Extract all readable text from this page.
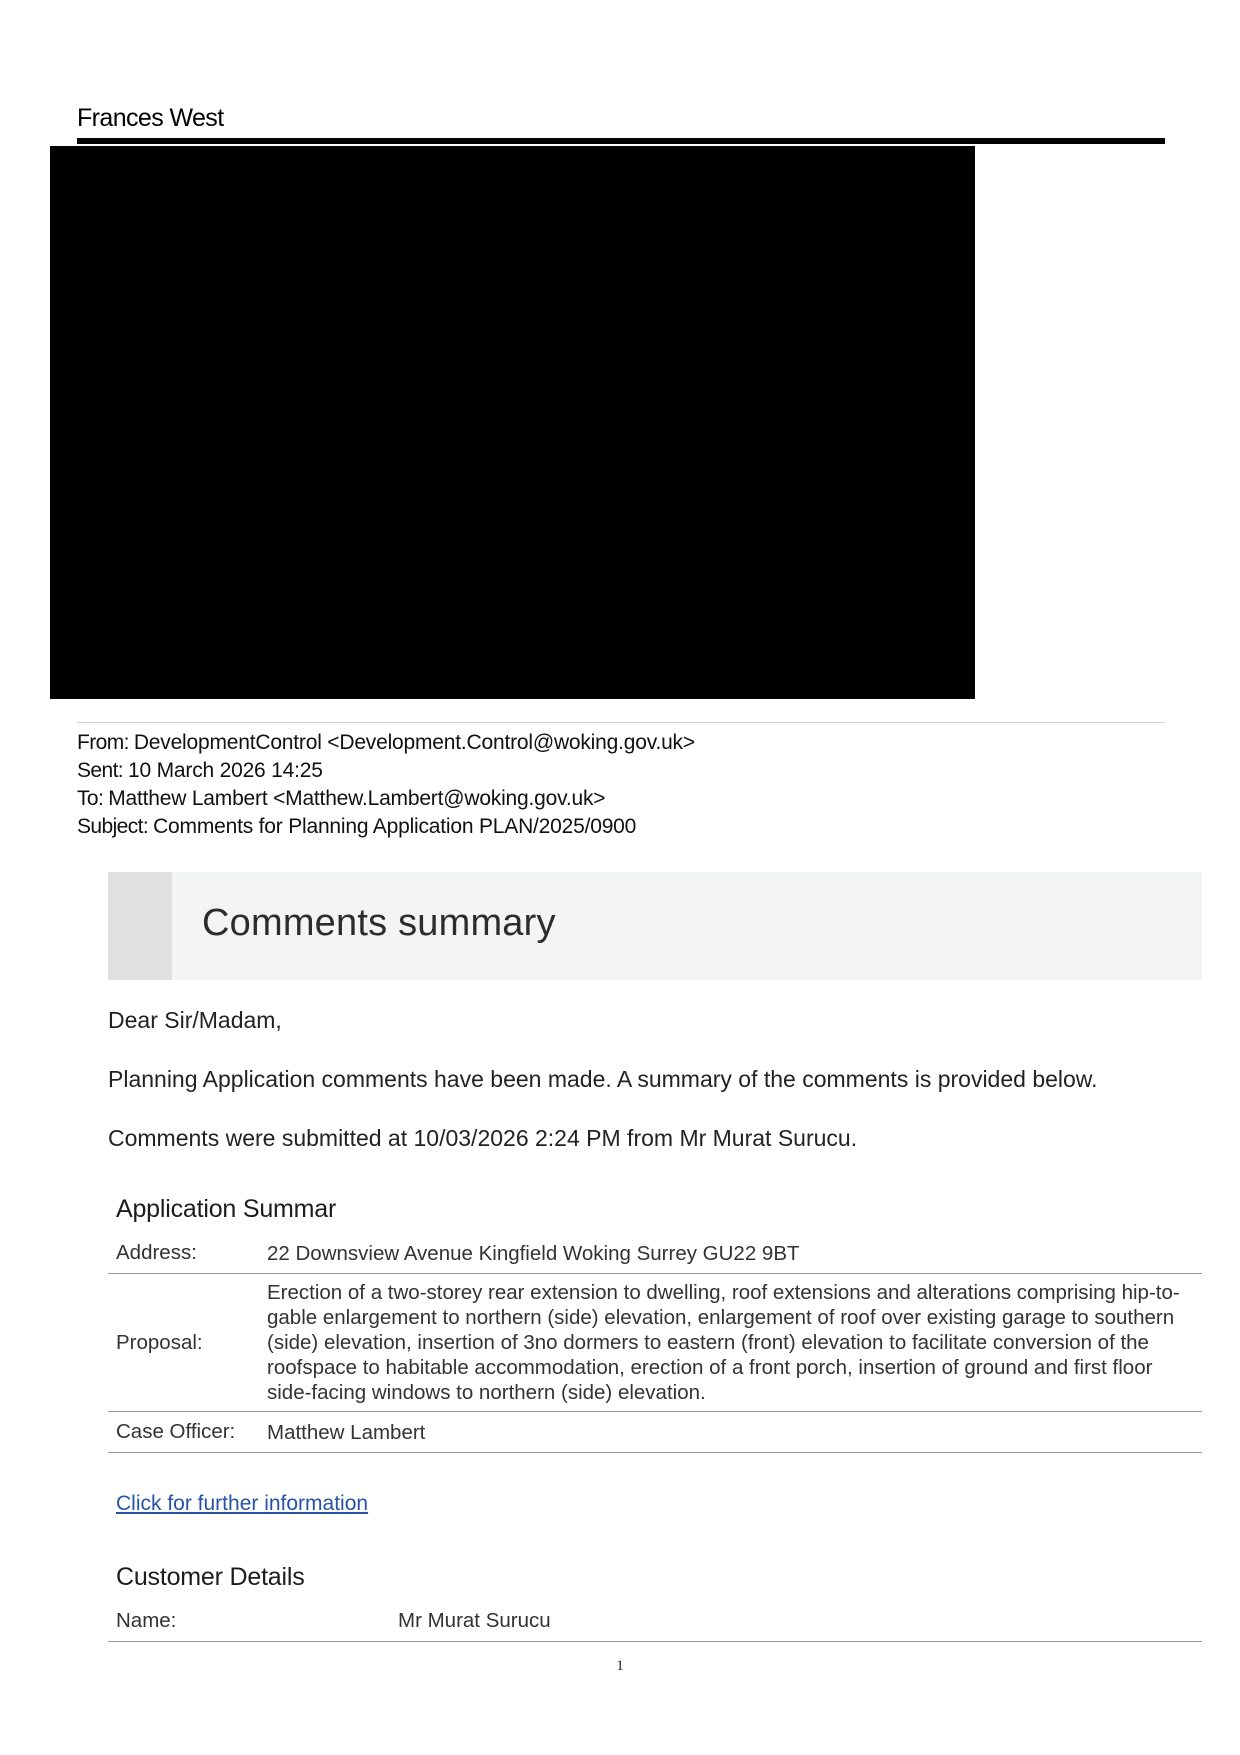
Frances West
From: DevelopmentControl <Development.Control@woking.gov.uk>
Sent: 10 March 2026 14:25
To: Matthew Lambert <Matthew.Lambert@woking.gov.uk>
Subject: Comments for Planning Application PLAN/2025/0900
Comments summary
Dear Sir/Madam,
Planning Application comments have been made. A summary of the comments is provided below.
Comments were submitted at 10/03/2026 2:24 PM from Mr Murat Surucu.
Application Summar
Address:	22 Downsview Avenue Kingfield Woking Surrey GU22 9BT
Proposal:	Erection of a two-storey rear extension to dwelling, roof extensions and alterations comprising hip-to-gable enlargement to northern (side) elevation, enlargement of roof over existing garage to southern (side) elevation, insertion of 3no dormers to eastern (front) elevation to facilitate conversion of the roofspace to habitable accommodation, erection of a front porch, insertion of ground and first floor side-facing windows to northern (side) elevation.
Case Officer:	Matthew Lambert
Click for further information
Customer Details
Name:	Mr Murat Surucu
1
